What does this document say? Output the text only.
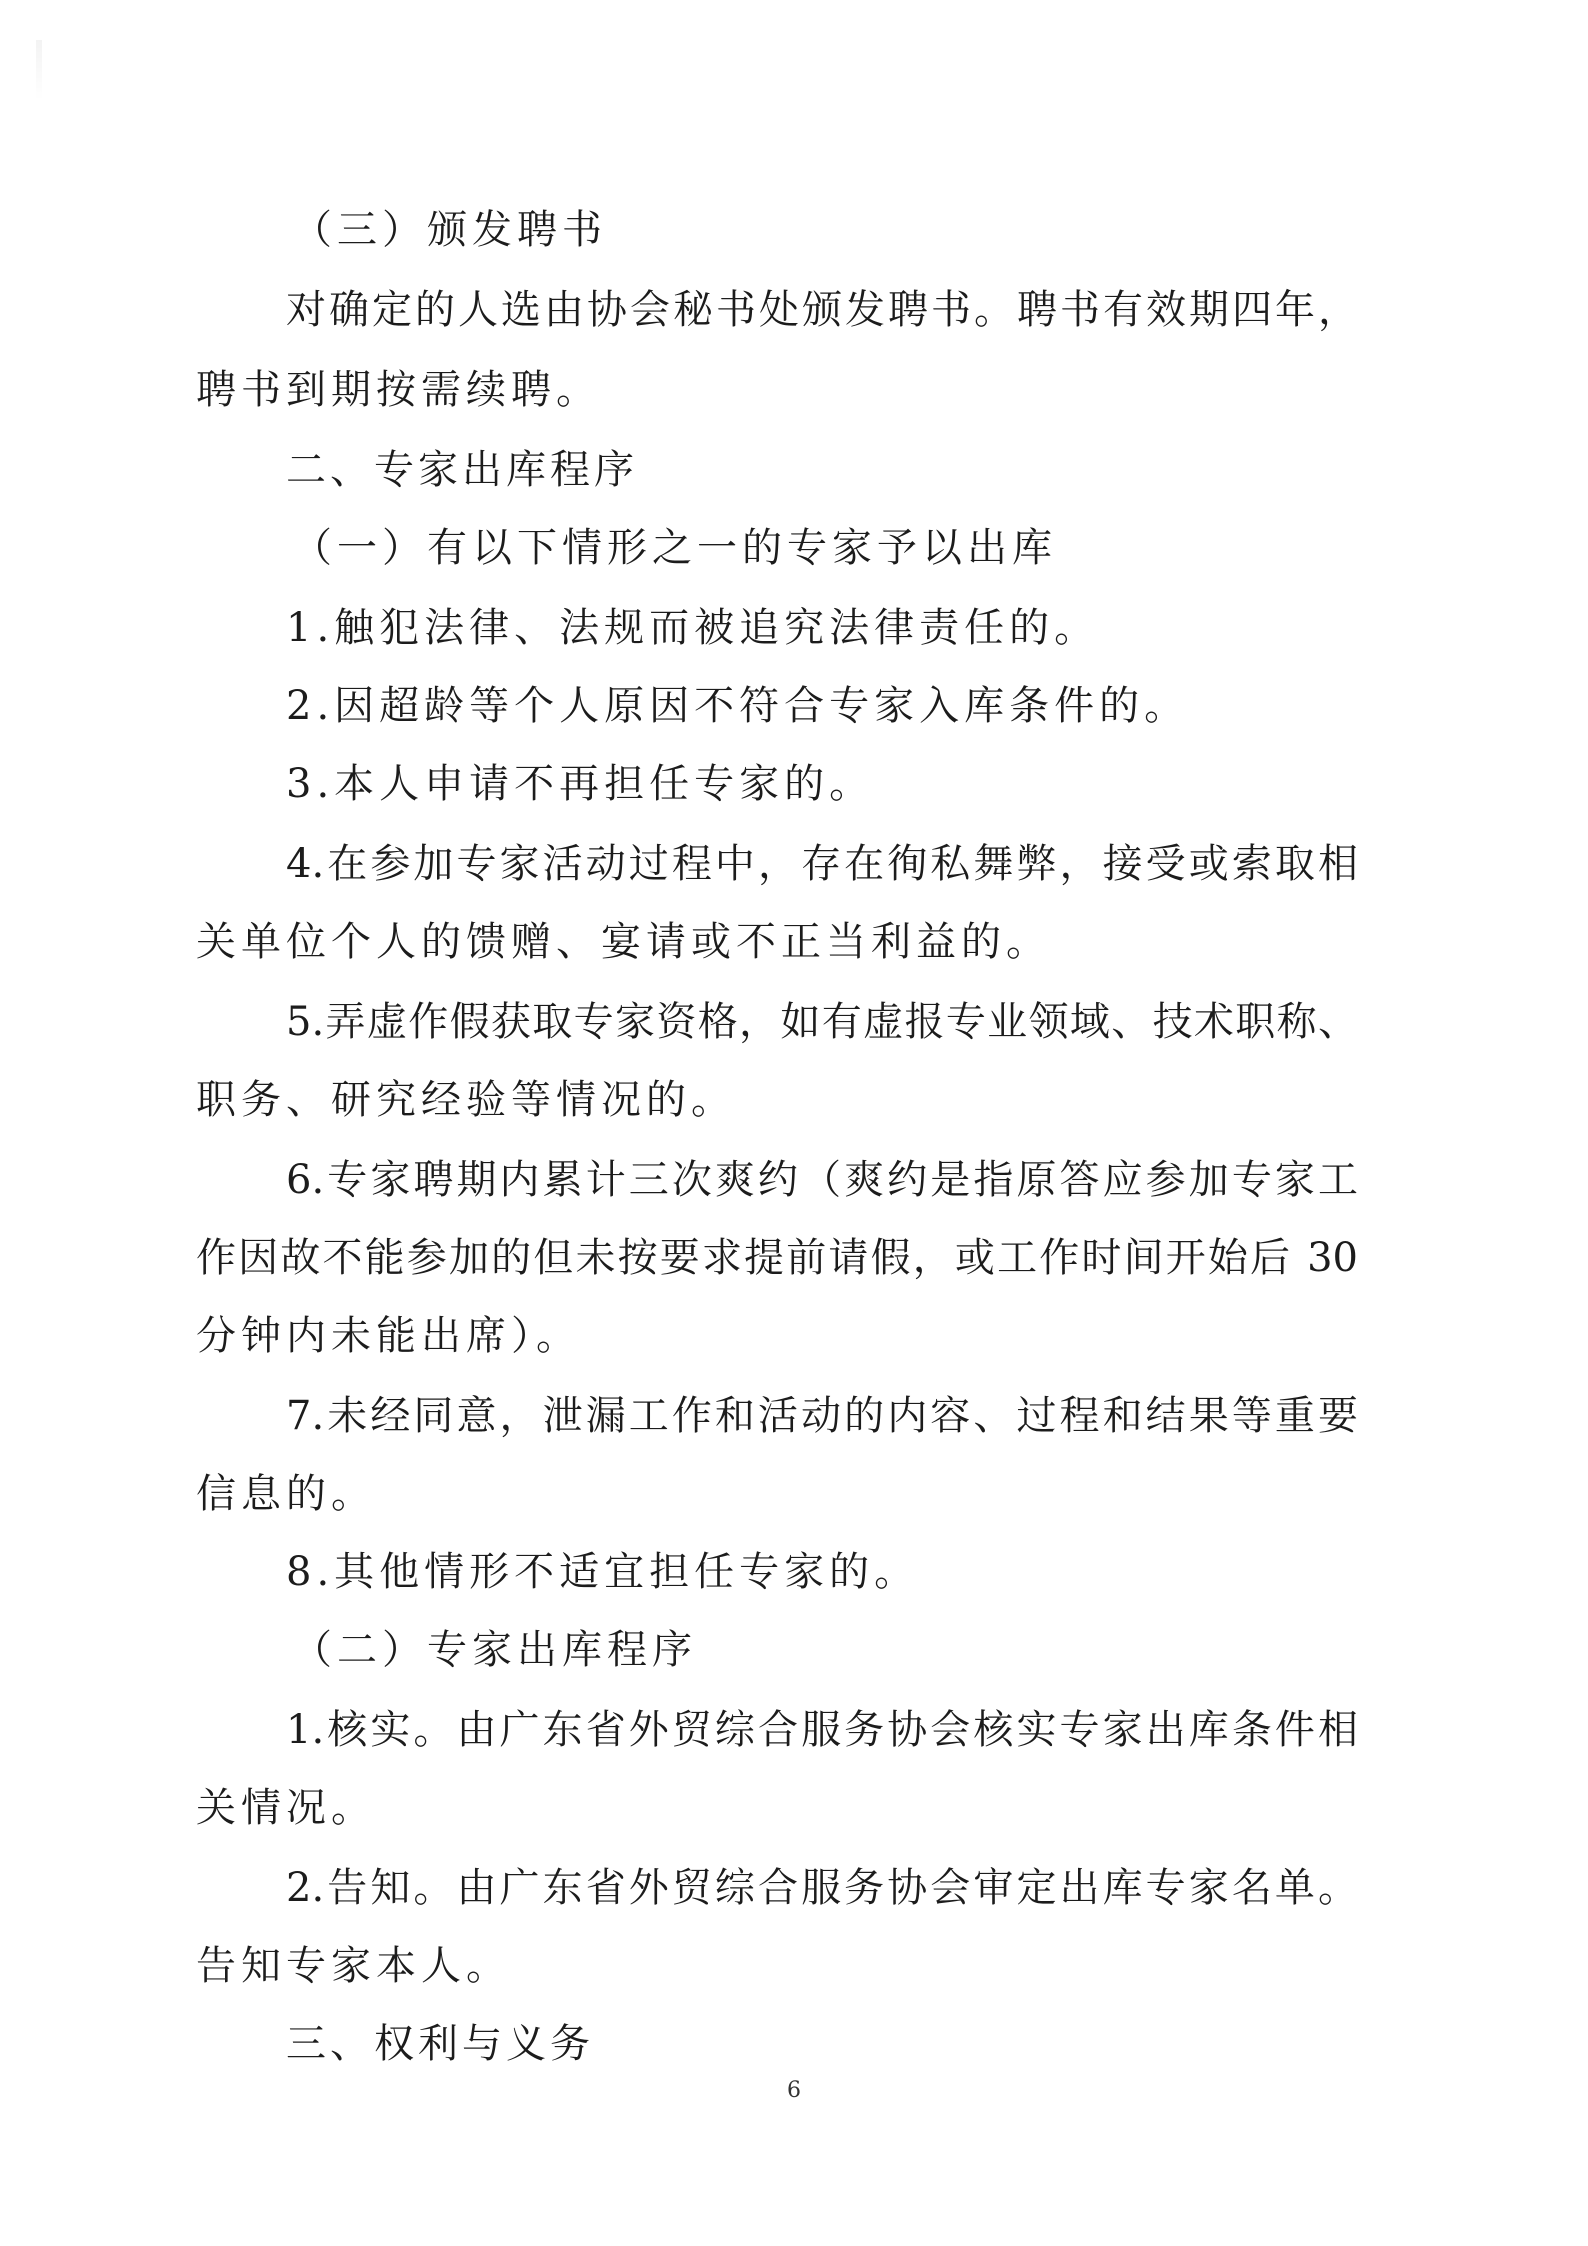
（三）颁发聘书
对确定的人选由协会秘书处颁发聘书。聘书有效期四年，
聘书到期按需续聘。
二、专家出库程序
（一）有以下情形之一的专家予以出库
1.触犯法律、法规而被追究法律责任的。
2.因超龄等个人原因不符合专家入库条件的。
3.本人申请不再担任专家的。
4.在参加专家活动过程中，存在徇私舞弊，接受或索取相
关单位个人的馈赠、宴请或不正当利益的。
5.弄虚作假获取专家资格，如有虚报专业领域、技术职称、
职务、研究经验等情况的。
6.专家聘期内累计三次爽约（爽约是指原答应参加专家工
作因故不能参加的但未按要求提前请假，或工作时间开始后 30
分钟内未能出席）。
7.未经同意，泄漏工作和活动的内容、过程和结果等重要
信息的。
8.其他情形不适宜担任专家的。
（二）专家出库程序
1.核实。由广东省外贸综合服务协会核实专家出库条件相
关情况。
2.告知。由广东省外贸综合服务协会审定出库专家名单。
告知专家本人。
三、权利与义务
6
